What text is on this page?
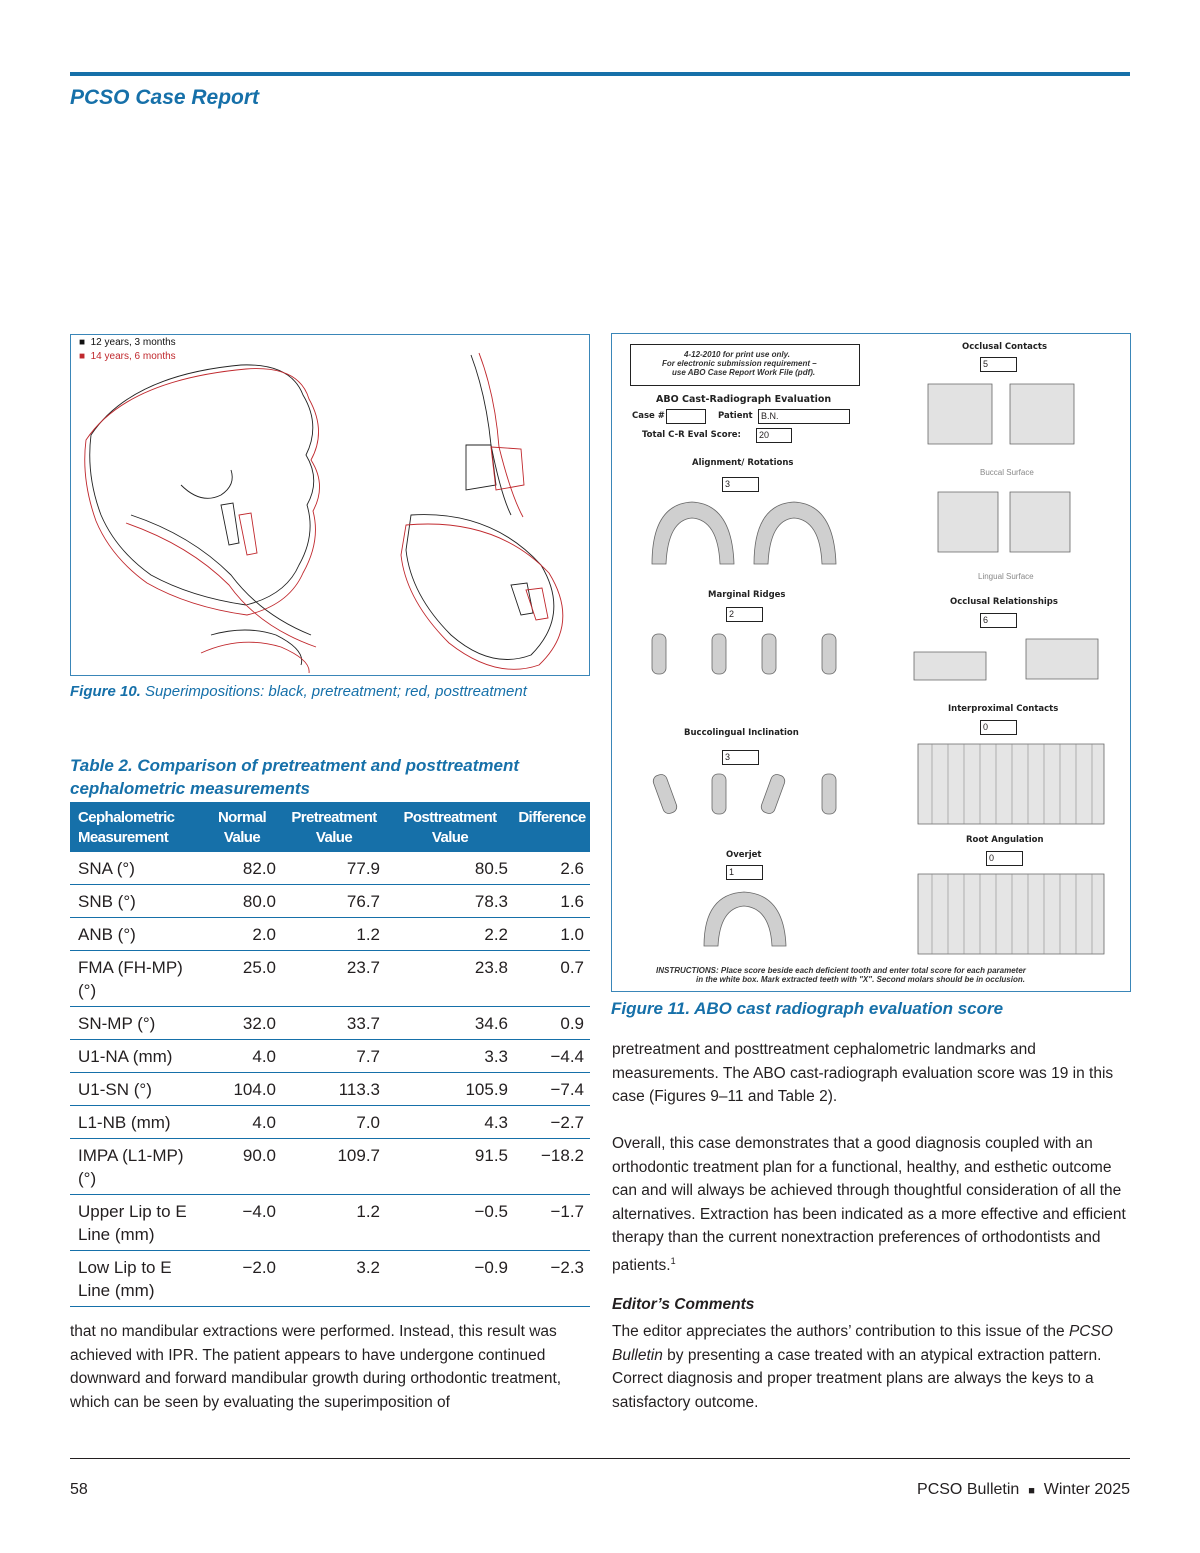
PCSO Case Report
■ 12 years, 3 months
■ 14 years, 6 months
Figure 10. Superimpositions: black, pretreatment; red, posttreatment
Table 2. Comparison of pretreatment and posttreatment cephalometric measurements
Cephalometric Measurement	Normal Value	Pretreatment Value	Posttreatment Value	Difference
SNA (°)	82.0	77.9	80.5	2.6
SNB (°)	80.0	76.7	78.3	1.6
ANB (°)	2.0	1.2	2.2	1.0
FMA (FH-MP) (°)	25.0	23.7	23.8	0.7
SN-MP (°)	32.0	33.7	34.6	0.9
U1-NA (mm)	4.0	7.7	3.3	−4.4
U1-SN (°)	104.0	113.3	105.9	−7.4
L1-NB (mm)	4.0	7.0	4.3	−2.7
IMPA (L1-MP) (°)	90.0	109.7	91.5	−18.2
Upper Lip to E Line (mm)	−4.0	1.2	−0.5	−1.7
Low Lip to E Line (mm)	−2.0	3.2	−0.9	−2.3
4-12-2010 for print use only.
For electronic submission requirement –
use ABO Case Report Work File (pdf).
ABO Cast-Radiograph Evaluation
Case #	Patient B.N.
Total C-R Eval Score:	20
Alignment/ Rotations
3
Marginal Ridges
2
Buccolingual Inclination
3
Overjet
1
Occlusal Contacts
5
Buccal Surface
Lingual Surface
Occlusal Relationships
6
Interproximal Contacts
0
Root Angulation
0
INSTRUCTIONS: Place score beside each deficient tooth and enter total score for each parameter
in the white box. Mark extracted teeth with "X". Second molars should be in occlusion.
Figure 11. ABO cast radiograph evaluation score
that no mandibular extractions were performed. Instead, this result was achieved with IPR. The patient appears to have undergone continued downward and forward mandibular growth during orthodontic treatment, which can be seen by evaluating the superimposition of
pretreatment and posttreatment cephalometric landmarks and measurements. The ABO cast-radiograph evaluation score was 19 in this case (Figures 9–11 and Table 2).
Overall, this case demonstrates that a good diagnosis coupled with an orthodontic treatment plan for a functional, healthy, and esthetic outcome can and will always be achieved through thoughtful consideration of all the alternatives. Extraction has been indicated as a more effective and efficient therapy than the current nonextraction preferences of orthodontists and patients.$^1$
Editor’s Comments
The editor appreciates the authors’ contribution to this issue of the PCSO Bulletin by presenting a case treated with an atypical extraction pattern. Correct diagnosis and proper treatment plans are always the keys to a satisfactory outcome.
58	PCSO Bulletin ■ Winter 2025
